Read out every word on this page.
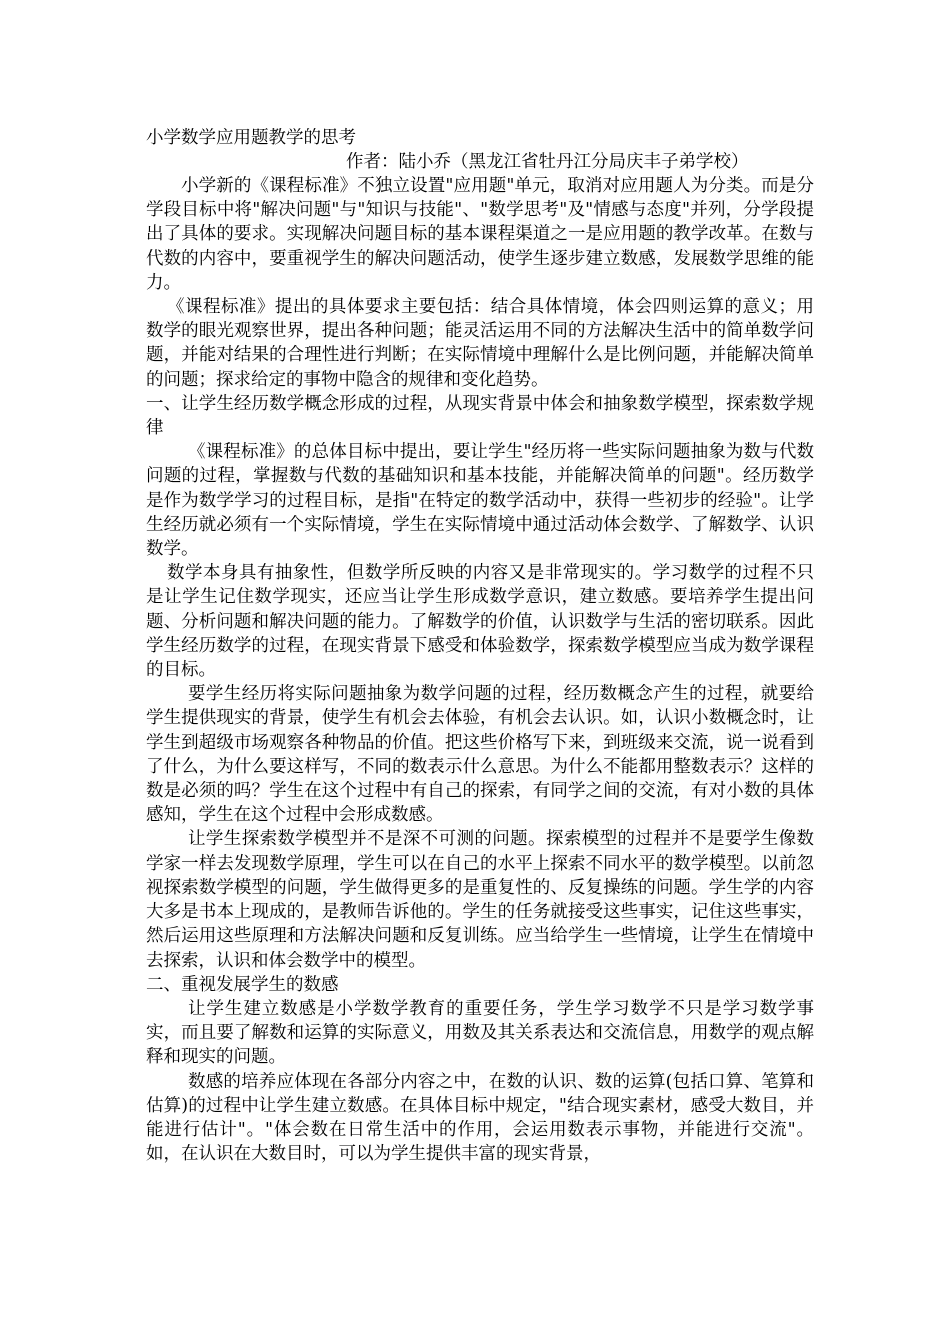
小学数学应用题教学的思考

作者：陆小乔（黑龙江省牡丹江分局庆丰子弟学校）

小学新的《课程标准》不独立设置"应用题"单元，取消对应用题人为分类。而是分学段目标中将"解决问题"与"知识与技能"、"数学思考"及"情感与态度"并列，分学段提出了具体的要求。实现解决问题目标的基本课程渠道之一是应用题的教学改革。在数与代数的内容中，要重视学生的解决问题活动，使学生逐步建立数感，发展数学思维的能力。

《课程标准》提出的具体要求主要包括：结合具体情境，体会四则运算的意义；用数学的眼光观察世界，提出各种问题；能灵活运用不同的方法解决生活中的简单数学问题，并能对结果的合理性进行判断；在实际情境中理解什么是比例问题，并能解决简单的问题；探求给定的事物中隐含的规律和变化趋势。

一、让学生经历数学概念形成的过程，从现实背景中体会和抽象数学模型，探索数学规律

《课程标准》的总体目标中提出，要让学生"经历将一些实际问题抽象为数与代数问题的过程，掌握数与代数的基础知识和基本技能，并能解决简单的问题"。经历数学是作为数学学习的过程目标，是指"在特定的数学活动中，获得一些初步的经验"。让学生经历就必须有一个实际情境，学生在实际情境中通过活动体会数学、了解数学、认识数学。

数学本身具有抽象性，但数学所反映的内容又是非常现实的。学习数学的过程不只是让学生记住数学现实，还应当让学生形成数学意识，建立数感。要培养学生提出问题、分析问题和解决问题的能力。了解数学的价值，认识数学与生活的密切联系。因此学生经历数学的过程，在现实背景下感受和体验数学，探索数学模型应当成为数学课程的目标。

要学生经历将实际问题抽象为数学问题的过程，经历数概念产生的过程，就要给学生提供现实的背景，使学生有机会去体验，有机会去认识。如，认识小数概念时，让学生到超级市场观察各种物品的价值。把这些价格写下来，到班级来交流，说一说看到了什么，为什么要这样写，不同的数表示什么意思。为什么不能都用整数表示？这样的数是必须的吗？学生在这个过程中有自己的探索，有同学之间的交流，有对小数的具体感知，学生在这个过程中会形成数感。

让学生探索数学模型并不是深不可测的问题。探索模型的过程并不是要学生像数学家一样去发现数学原理，学生可以在自己的水平上探索不同水平的数学模型。以前忽视探索数学模型的问题，学生做得更多的是重复性的、反复操练的问题。学生学的内容大多是书本上现成的，是教师告诉他的。学生的任务就接受这些事实，记住这些事实，然后运用这些原理和方法解决问题和反复训练。应当给学生一些情境，让学生在情境中去探索，认识和体会数学中的模型。

二、重视发展学生的数感

让学生建立数感是小学数学教育的重要任务，学生学习数学不只是学习数学事实，而且要了解数和运算的实际意义，用数及其关系表达和交流信息，用数学的观点解释和现实的问题。

数感的培养应体现在各部分内容之中，在数的认识、数的运算(包括口算、笔算和估算)的过程中让学生建立数感。在具体目标中规定，"结合现实素材，感受大数目，并能进行估计"。"体会数在日常生活中的作用，会运用数表示事物，并能进行交流"。如，在认识在大数目时，可以为学生提供丰富的现实背景，
